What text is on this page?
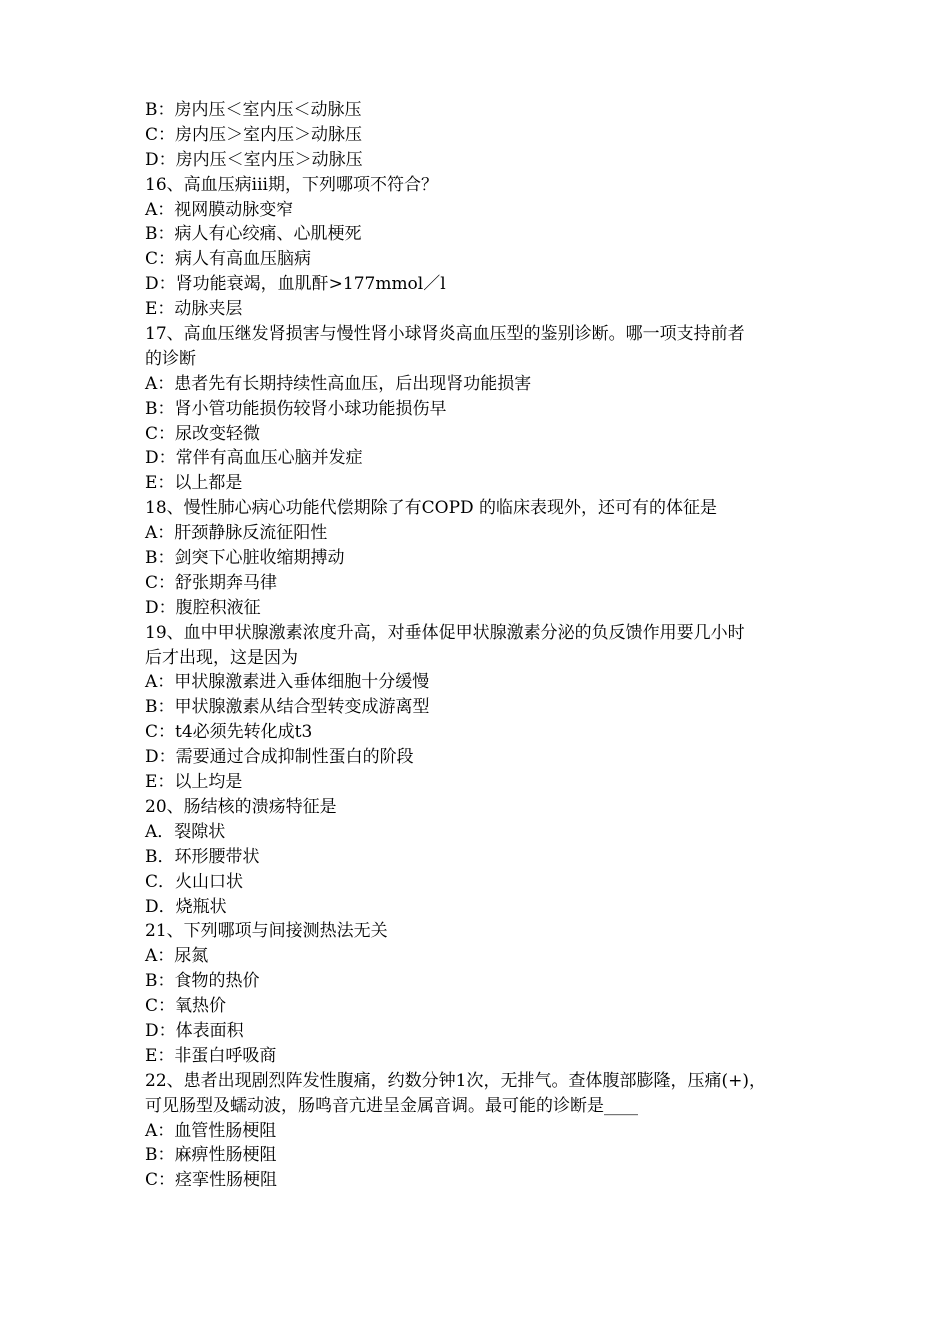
B：房内压＜室内压＜动脉压
C：房内压＞室内压＞动脉压
D：房内压＜室内压＞动脉压
16、高血压病iii期，下列哪项不符合？
A：视网膜动脉变窄
B：病人有心绞痛、心肌梗死
C：病人有高血压脑病
D：肾功能衰竭，血肌酐>177mmol／l
E：动脉夹层
17、高血压继发肾损害与慢性肾小球肾炎高血压型的鉴别诊断。哪一项支持前者
的诊断
A：患者先有长期持续性高血压，后出现肾功能损害
B：肾小管功能损伤较肾小球功能损伤早
C：尿改变轻微
D：常伴有高血压心脑并发症
E：以上都是
18、慢性肺心病心功能代偿期除了有COPD 的临床表现外，还可有的体征是
A：肝颈静脉反流征阳性
B：剑突下心脏收缩期搏动
C：舒张期奔马律
D：腹腔积液征
19、血中甲状腺激素浓度升高，对垂体促甲状腺激素分泌的负反馈作用要几小时
后才出现，这是因为
A：甲状腺激素进入垂体细胞十分缓慢
B：甲状腺激素从结合型转变成游离型
C：t4必须先转化成t3
D：需要通过合成抑制性蛋白的阶段
E：以上均是
20、肠结核的溃疡特征是
A．裂隙状
B．环形腰带状
C．火山口状
D．烧瓶状
21、下列哪项与间接测热法无关
A：尿氮
B：食物的热价
C：氧热价
D：体表面积
E：非蛋白呼吸商
22、患者出现剧烈阵发性腹痛，约数分钟1次，无排气。查体腹部膨隆，压痛(+)，
可见肠型及蠕动波，肠鸣音亢进呈金属音调。最可能的诊断是____
A：血管性肠梗阻
B：麻痹性肠梗阻
C：痉挛性肠梗阻
